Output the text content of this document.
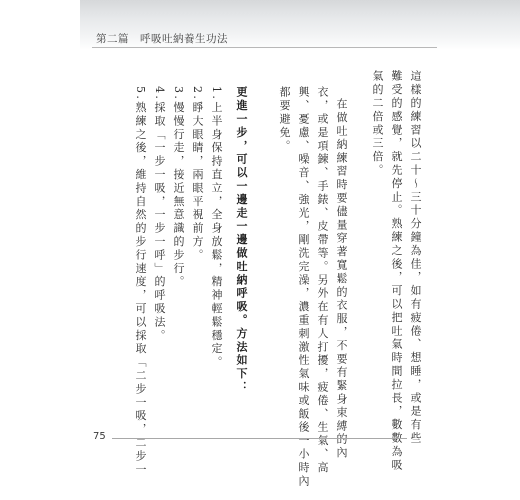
第二篇　呼吸吐納養生功法
這樣的練習以二十～三十分鐘為佳，如有疲倦、想睡，或是有些
難受的感覺，就先停止。熟練之後，可以把吐氣時間拉長，數數為吸
氣的二倍或三倍。
在做吐納練習時要儘量穿著寬鬆的衣服，不要有緊身束縛的內
衣，或是項鍊、手錶、皮帶等。另外在有人打擾，疲倦、生氣、高
興、憂慮、噪音、強光，剛洗完澡，濃重刺激性氣味或飯後一小時內
都要避免。
更進一步，可以一邊走一邊做吐納呼吸。方法如下：
1.上半身保持直立，全身放鬆，精神輕鬆穩定。
2.睜大眼睛，兩眼平視前方。
3.慢慢行走，接近無意識的步行。
4.採取「一步一吸，一步一呼」的呼吸法。
5.熟練之後，維持自然的步行速度，可以採取「二步一吸，二步一
75
